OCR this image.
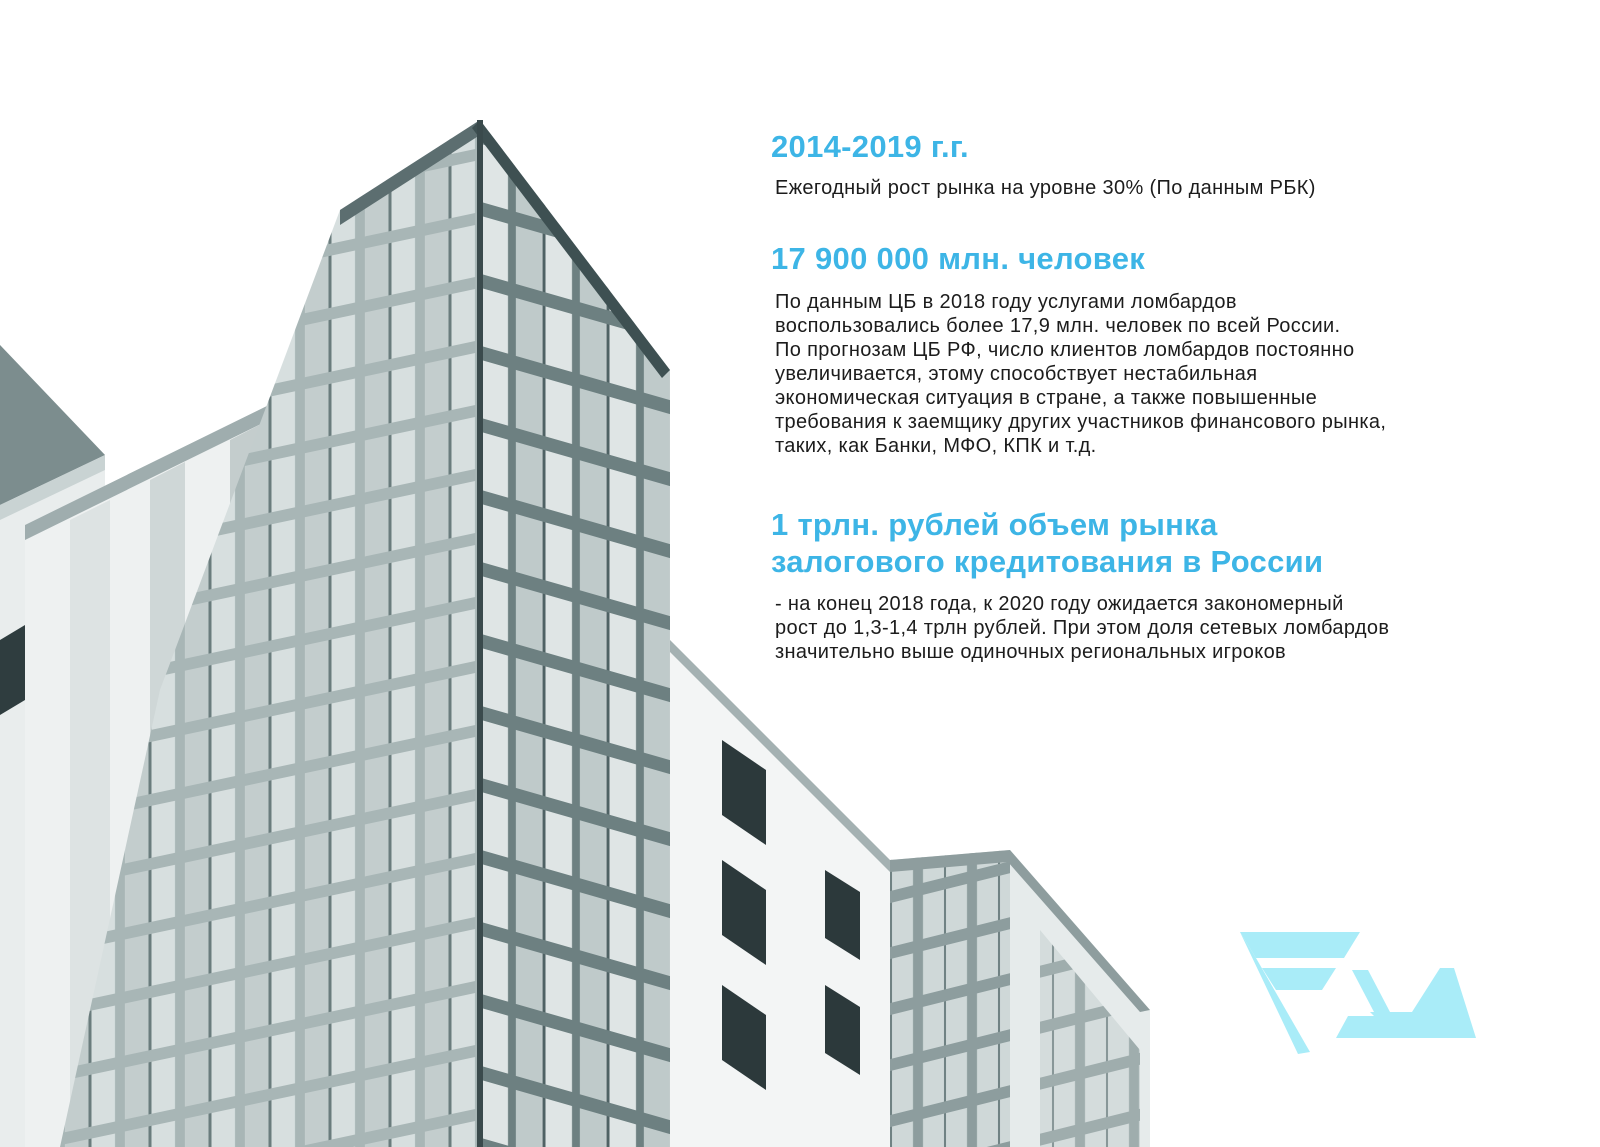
2014-2019 г.г.
Ежегодный рост рынка на уровне 30% (По данным РБК)
17 900 000 млн. человек
По данным ЦБ в 2018 году услугами ломбардов
воспользовались более 17,9 млн. человек по всей России.
По прогнозам ЦБ РФ, число клиентов ломбардов постоянно
увеличивается, этому способствует нестабильная
экономическая ситуация в стране, а также повышенные
требования к заемщику других участников финансового рынка,
таких, как Банки, МФО, КПК и т.д.
1 трлн. рублей объем рынка
залогового кредитования в России
- на конец 2018 года, к 2020 году ожидается закономерный
рост до 1,3-1,4 трлн рублей. При этом доля сетевых ломбардов
значительно выше одиночных региональных игроков
